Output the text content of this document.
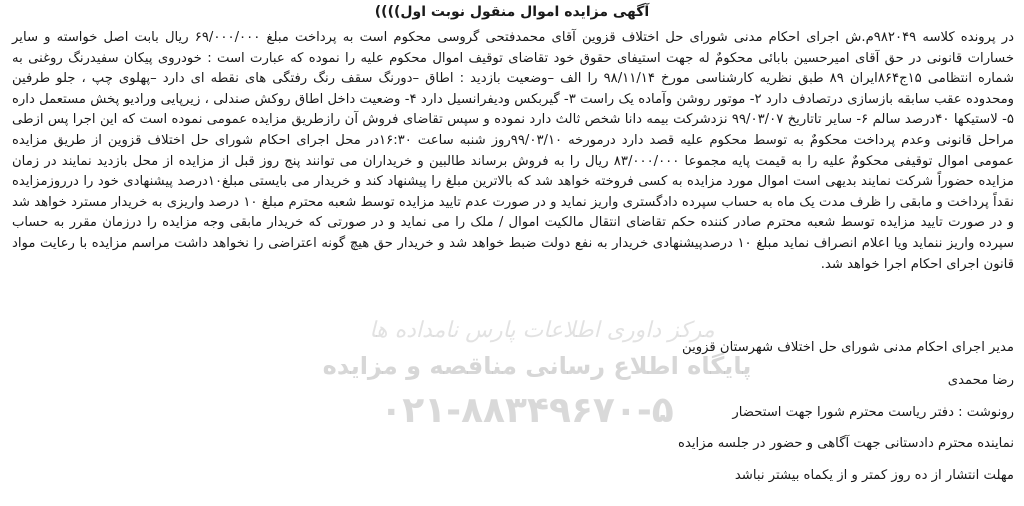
آگهی مزایده اموال منقول نوبت اول))))

در پرونده کلاسه ۹۸۲۰۴۹م.ش اجرای احکام مدنی شورای حل اختلاف قزوین آقای محمدفتحی گروسی محکوم است به پرداخت مبلغ ۶۹/۰۰۰/۰۰۰ ریال بابت اصل خواسته و سایر خسارات قانونی در حق آقای امیرحسین بابائی محکومٌ له جهت استیفای حقوق خود تقاضای توقیف اموال محکوم علیه را نموده که عبارت است : خودروی پیکان سفیدرنگ روغنی به شماره انتظامی ۱۵ج۸۶۴ایران ۸۹ طبق نظریه کارشناسی مورخ ۹۸/۱۱/۱۴ را الف –وضعیت بازدید : اطاق –دورنگ سقف رنگ رفتگی های نقطه ای دارد –پهلوی چپ ، جلو طرفین ومحدوده عقب سابقه بازسازی درتصادف دارد ۲- موتور روشن وآماده یک راست ۳- گیربکس ودیفرانسیل دارد ۴- وضعیت داخل اطاق روکش صندلی ، زیرپایی ورادیو پخش مستعمل داره ۵- لاستیکها ۴۰درصد سالم ۶- سایر تاتاریخ ۹۹/۰۳/۰۷ نزدشرکت بیمه دانا شخص ثالث دارد نموده و سپس تقاضای فروش آن رازطریق مزایده عمومی نموده است که این اجرا پس ازطی مراحل قانونی وعدم پرداخت محکومٌ به توسط محکوم علیه قصد دارد درمورخه ۹۹/۰۳/۱۰روز شنبه ساعت ۱۶:۳۰در محل اجرای احکام شورای حل اختلاف قزوین از طریق مزایده عمومی اموال توقیفی محکومٌ علیه را به قیمت پایه مجموعا ۸۳/۰۰۰/۰۰۰ ریال را به فروش برساند طالبین و خریداران می توانند پنج روز قبل از مزایده از محل بازدید نمایند در زمان مزایده حضوراً شرکت نمایند بدیهی است اموال مورد مزایده به کسی فروخته خواهد شد که بالاترین مبلغ را پیشنهاد کند و خریدار می بایستی مبلغ۱۰درصد پیشنهادی خود را درروزمزایده نقداً پرداخت و مابقی را ظرف مدت یک ماه به حساب سپرده دادگستری واریز نماید و در صورت عدم تایید مزایده توسط شعبه محترم مبلغ ۱۰ درصد واریزی به خریدار مسترد خواهد شد و در صورت تایید مزایده توسط شعبه محترم صادر کننده حکم تقاضای انتقال مالکیت اموال / ملک را می نماید و در صورتی که خریدار مابقی وجه مزایده را درزمان مقرر به حساب سپرده واریز ننماید ویا اعلام انصراف نماید مبلغ ۱۰ درصدپیشنهادی خریدار به نفع دولت ضبط خواهد شد و خریدار حق هیچ گونه اعتراضی را نخواهد داشت مراسم مزایده با رعایت مواد قانون اجرای احکام اجرا خواهد شد.

مرکز داوری اطلاعات پارس نامداده ها
پایگاه اطلاع رسانی مناقصه و مزایده
۰۲۱-۸۸۳۴۹۶۷۰-۵
مدیر اجرای احکام مدنی شورای حل اختلاف شهرستان قزوین
رضا محمدی
رونوشت : دفتر ریاست محترم شورا جهت استحضار
نماینده محترم دادستانی جهت آگاهی و حضور در جلسه مزایده
مهلت انتشار از ده روز کمتر و از یکماه بیشتر نباشد
